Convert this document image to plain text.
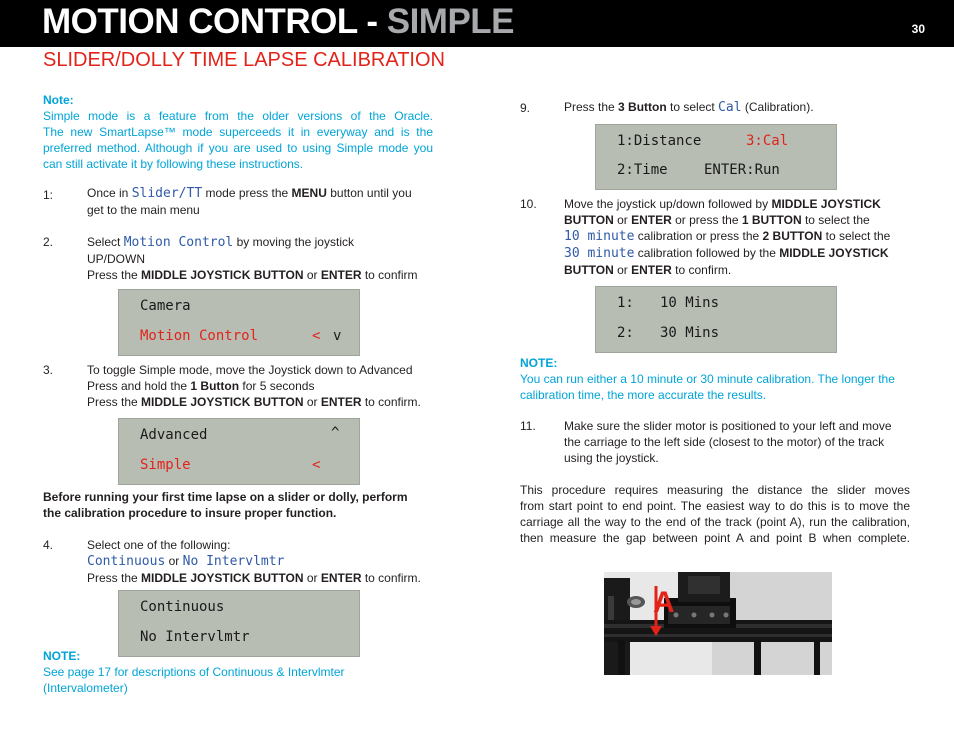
MOTION CONTROL - SIMPLE	30
SLIDER/DOLLY TIME LAPSE CALIBRATION
Note:
Simple mode is a feature from the older versions of the Oracle.
The new SmartLapse™ mode superceeds it in everyway and is the
preferred method. Although if you are used to using Simple mode you
can still activate it by following these instructions.
1:	Once in Slider/TT mode press the MENU button until you
get to the main menu
2.	Select Motion Control by moving the joystick
UP/DOWN
Press the MIDDLE JOYSTICK BUTTON or ENTER to confirm
Camera
Motion Control	< v
3.	To toggle Simple mode, move the Joystick down to Advanced
Press and hold the 1 Button for 5 seconds
Press the MIDDLE JOYSTICK BUTTON or ENTER to confirm.
Advanced	^
Simple	<
Before running your first time lapse on a slider or dolly, perform
the calibration procedure to insure proper function.
4.	Select one of the following:
Continuous or No Intervlmtr
Press the MIDDLE JOYSTICK BUTTON or ENTER to confirm.
Continuous
No Intervlmtr
NOTE:
See page 17 for descriptions of Continuous & Intervlmter
(Intervalometer)
9.	Press the 3 Button to select Cal (Calibration).
1:Distance	3:Cal
2:Time	ENTER:Run
10. Move the joystick up/down followed by MIDDLE JOYSTICK
BUTTON or ENTER or press the 1 BUTTON to select the
10 minute calibration or press the 2 BUTTON to select the
30 minute calibration followed by the MIDDLE JOYSTICK
BUTTON or ENTER to confirm.
1: 10 Mins
2: 30 Mins
NOTE:
You can run either a 10 minute or 30 minute calibration. The longer the
calibration time, the more accurate the results.
11. Make sure the slider motor is positioned to your left and move
the carriage to the left side (closest to the motor) of the track
using the joystick.
This procedure requires measuring the distance the slider moves
from start point to end point. The easiest way to do this is to move the
carriage all the way to the end of the track (point A), run the calibration,
then measure the gap between point A and point B when complete.
A
